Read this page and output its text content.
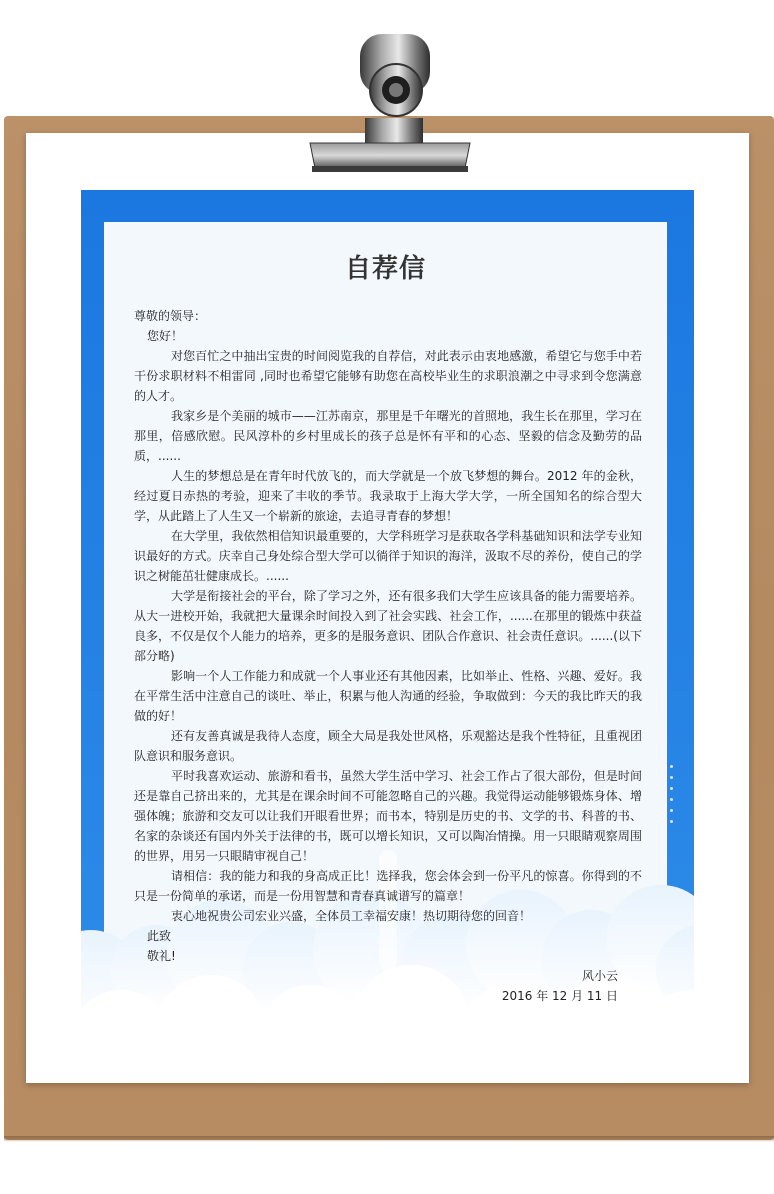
自荐信

尊敬的领导：

您好！

对您百忙之中抽出宝贵的时间阅览我的自荐信，对此表示由衷地感激，希望它与您手中若干份求职材料不相雷同 ,同时也希望它能够有助您在高校毕业生的求职浪潮之中寻求到令您满意的人才。

我家乡是个美丽的城市——江苏南京，那里是千年曙光的首照地，我生长在那里，学习在那里，倍感欣慰。民风淳朴的乡村里成长的孩子总是怀有平和的心态、坚毅的信念及勤劳的品质，......

人生的梦想总是在青年时代放飞的，而大学就是一个放飞梦想的舞台。2012 年的金秋，经过夏日赤热的考验，迎来了丰收的季节。我录取于上海大学大学，一所全国知名的综合型大学，从此踏上了人生又一个崭新的旅途，去追寻青春的梦想！

在大学里，我依然相信知识最重要的，大学科班学习是获取各学科基础知识和法学专业知识最好的方式。庆幸自己身处综合型大学可以徜徉于知识的海洋，汲取不尽的养份，使自己的学识之树能茁壮健康成长。......

大学是衔接社会的平台，除了学习之外，还有很多我们大学生应该具备的能力需要培养。从大一进校开始，我就把大量课余时间投入到了社会实践、社会工作，......在那里的锻炼中获益良多，不仅是仅个人能力的培养，更多的是服务意识、团队合作意识、社会责任意识。......(以下部分略)

影响一个人工作能力和成就一个人事业还有其他因素，比如举止、性格、兴趣、爱好。我在平常生活中注意自己的谈吐、举止，积累与他人沟通的经验，争取做到：今天的我比昨天的我做的好！

还有友善真诚是我待人态度，顾全大局是我处世风格，乐观豁达是我个性特征，且重视团队意识和服务意识。

平时我喜欢运动、旅游和看书，虽然大学生活中学习、社会工作占了很大部份，但是时间还是靠自己挤出来的，尤其是在课余时间不可能忽略自己的兴趣。我觉得运动能够锻炼身体、增强体魄；旅游和交友可以让我们开眼看世界；而书本，特别是历史的书、文学的书、科普的书、名家的杂谈还有国内外关于法律的书，既可以增长知识，又可以陶冶情操。用一只眼睛观察周围的世界，用另一只眼睛审视自己！

请相信：我的能力和我的身高成正比！选择我，您会体会到一份平凡的惊喜。你得到的不只是一份简单的承诺，而是一份用智慧和青春真诚谱写的篇章！

衷心地祝贵公司宏业兴盛，全体员工幸福安康！热切期待您的回音！

此致

敬礼!

风小云

2016 年 12 月 11 日
